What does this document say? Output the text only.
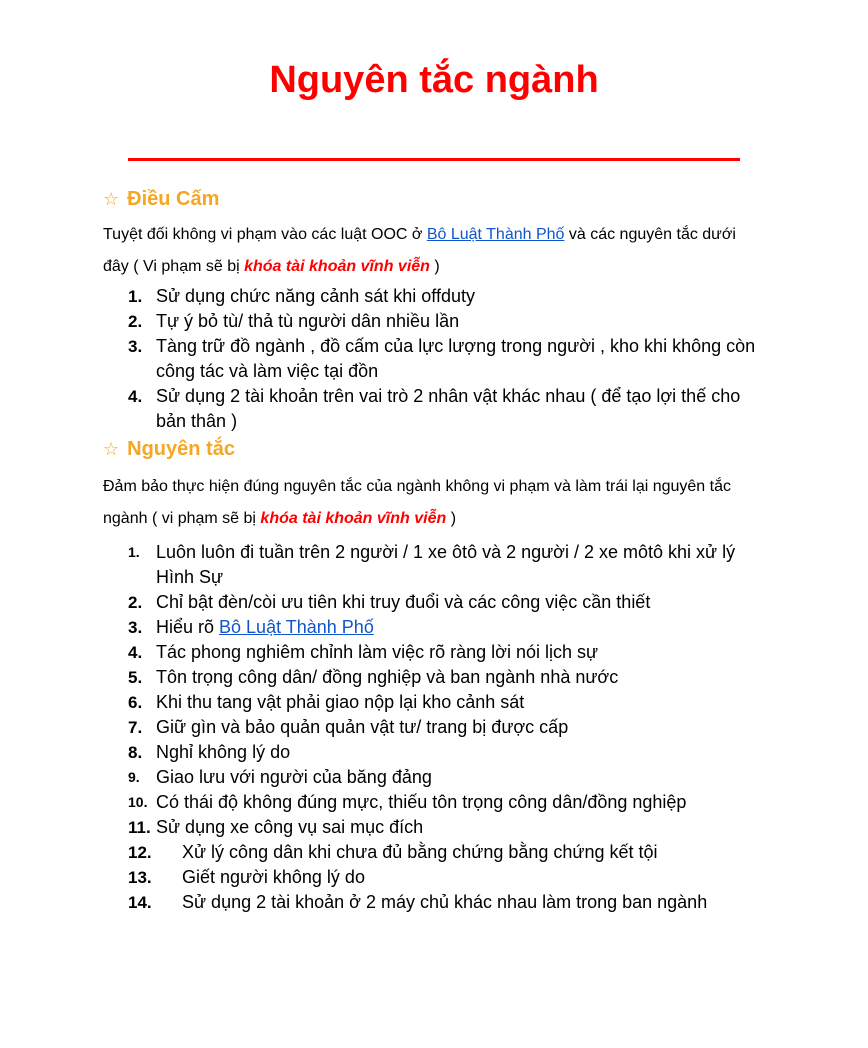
Nguyên tắc ngành
☆ Điều Cấm

Tuyệt đối không vi phạm vào các luật OOC ở Bô Luật Thành Phố và các nguyên tắc dưới đây ( Vi phạm sẽ bị khóa tài khoản vĩnh viễn )

1. Sử dụng chức năng cảnh sát khi offduty
2. Tự ý bỏ tù/ thả tù người dân nhiều lần
3. Tàng trữ đồ ngành , đồ cấm của lực lượng trong người , kho khi không còn công tác và làm việc tại đồn
4. Sử dụng 2 tài khoản trên vai trò 2 nhân vật khác nhau ( để tạo lợi thế cho bản thân )
☆ Nguyên tắc

Đảm bảo thực hiện đúng nguyên tắc của ngành không vi phạm và làm trái lại nguyên tắc ngành ( vi phạm sẽ bị khóa tài khoản vĩnh viễn )

1. Luôn luôn đi tuần trên 2 người / 1 xe ôtô và 2 người / 2 xe môtô khi xử lý Hình Sự
2. Chỉ bật đèn/còi ưu tiên khi truy đuổi và các công việc cần thiết
3. Hiểu rõ Bô Luật Thành Phố
4. Tác phong nghiêm chỉnh làm việc rõ ràng lời nói lịch sự
5. Tôn trọng công dân/ đồng nghiệp và ban ngành nhà nước
6. Khi thu tang vật phải giao nộp lại kho cảnh sát
7. Giữ gìn và bảo quản quản vật tư/ trang bị được cấp
8. Nghỉ không lý do
9. Giao lưu với người của băng đảng
10. Có thái độ không đúng mực, thiếu tôn trọng công dân/đồng nghiệp
11. Sử dụng xe công vụ sai mục đích
12. Xử lý công dân khi chưa đủ bằng chứng bằng chứng kết tội
13. Giết người không lý do
14. Sử dụng 2 tài khoản ở 2 máy chủ khác nhau làm trong ban ngành
